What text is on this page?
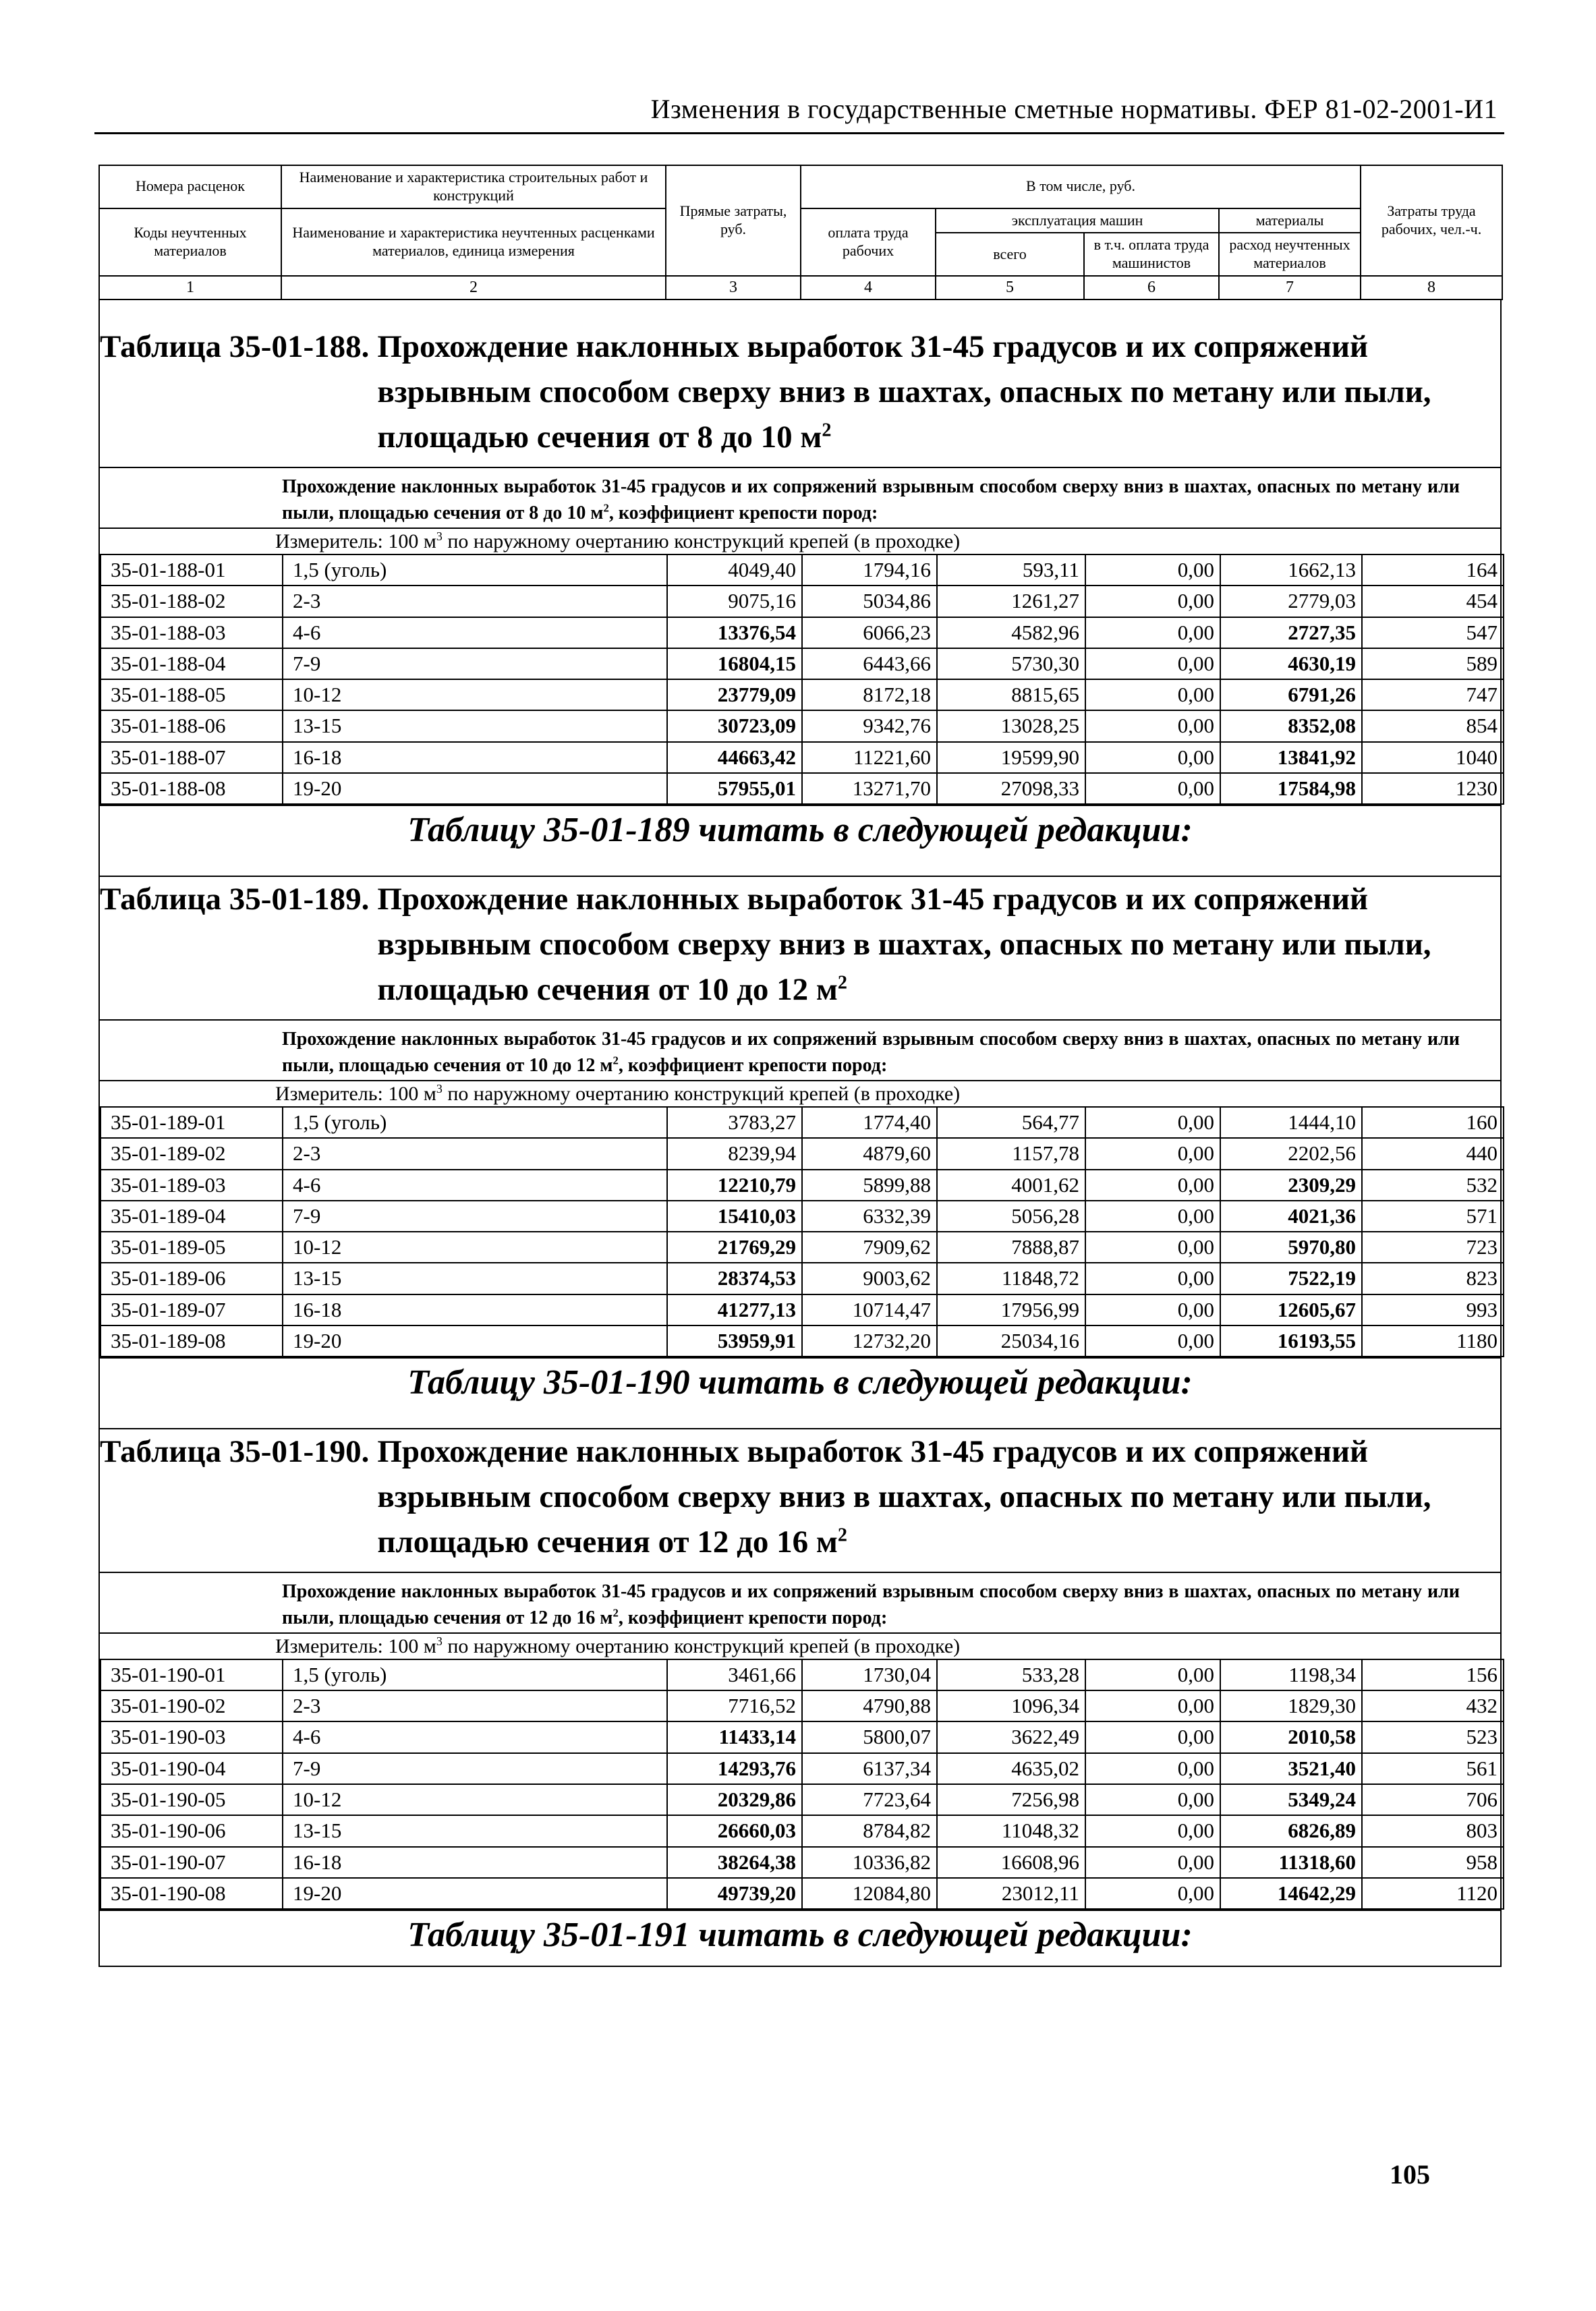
Изменения в государственные сметные нормативы. ФЕР 81-02-2001-И1
Номера расценок	Наименование и характеристика строительных работ и конструкций	Прямые затраты, руб.	В том числе, руб.				Затраты труда рабочих, чел.-ч.
Коды неучтенных материалов	Наименование и характеристика неучтенных расценками материалов, единица измерения		оплата труда рабочих	эксплуатация машин		материалы	
				всего	в т.ч. оплата труда машинистов	расход неучтенных материалов	
1	2	3	4	5	6	7	8
Таблица 35-01-188. Прохождение наклонных выработок 31-45 градусов и их сопряжений взрывным способом сверху вниз в шахтах, опасных по метану или пыли, площадью сечения от 8 до 10 $м^2$
Прохождение наклонных выработок 31-45 градусов и их сопряжений взрывным способом сверху вниз в шахтах, опасных по метану или пыли, площадью сечения от 8 до 10 $м^2$, коэффициент крепости пород:
Измеритель: 100 $м^3$ по наружному очертанию конструкций крепей (в проходке)
35-01-188-01	1,5 (уголь)	4049,40	1794,16	593,11	0,00	1662,13	164
35-01-188-02	2-3	9075,16	5034,86	1261,27	0,00	2779,03	454
35-01-188-03	4-6	13376,54	6066,23	4582,96	0,00	2727,35	547
35-01-188-04	7-9	16804,15	6443,66	5730,30	0,00	4630,19	589
35-01-188-05	10-12	23779,09	8172,18	8815,65	0,00	6791,26	747
35-01-188-06	13-15	30723,09	9342,76	13028,25	0,00	8352,08	854
35-01-188-07	16-18	44663,42	11221,60	19599,90	0,00	13841,92	1040
35-01-188-08	19-20	57955,01	13271,70	27098,33	0,00	17584,98	1230
Таблицу 35-01-189 читать в следующей редакции:
Таблица 35-01-189. Прохождение наклонных выработок 31-45 градусов и их сопряжений взрывным способом сверху вниз в шахтах, опасных по метану или пыли, площадью сечения от 10 до 12 $м^2$
Прохождение наклонных выработок 31-45 градусов и их сопряжений взрывным способом сверху вниз в шахтах, опасных по метану или пыли, площадью сечения от 10 до 12 $м^2$, коэффициент крепости пород:
Измеритель: 100 $м^3$ по наружному очертанию конструкций крепей (в проходке)
35-01-189-01	1,5 (уголь)	3783,27	1774,40	564,77	0,00	1444,10	160
35-01-189-02	2-3	8239,94	4879,60	1157,78	0,00	2202,56	440
35-01-189-03	4-6	12210,79	5899,88	4001,62	0,00	2309,29	532
35-01-189-04	7-9	15410,03	6332,39	5056,28	0,00	4021,36	571
35-01-189-05	10-12	21769,29	7909,62	7888,87	0,00	5970,80	723
35-01-189-06	13-15	28374,53	9003,62	11848,72	0,00	7522,19	823
35-01-189-07	16-18	41277,13	10714,47	17956,99	0,00	12605,67	993
35-01-189-08	19-20	53959,91	12732,20	25034,16	0,00	16193,55	1180
Таблицу 35-01-190 читать в следующей редакции:
Таблица 35-01-190. Прохождение наклонных выработок 31-45 градусов и их сопряжений взрывным способом сверху вниз в шахтах, опасных по метану или пыли, площадью сечения от 12 до 16 $м^2$
Прохождение наклонных выработок 31-45 градусов и их сопряжений взрывным способом сверху вниз в шахтах, опасных по метану или пыли, площадью сечения от 12 до 16 $м^2$, коэффициент крепости пород:
Измеритель: 100 $м^3$ по наружному очертанию конструкций крепей (в проходке)
35-01-190-01	1,5 (уголь)	3461,66	1730,04	533,28	0,00	1198,34	156
35-01-190-02	2-3	7716,52	4790,88	1096,34	0,00	1829,30	432
35-01-190-03	4-6	11433,14	5800,07	3622,49	0,00	2010,58	523
35-01-190-04	7-9	14293,76	6137,34	4635,02	0,00	3521,40	561
35-01-190-05	10-12	20329,86	7723,64	7256,98	0,00	5349,24	706
35-01-190-06	13-15	26660,03	8784,82	11048,32	0,00	6826,89	803
35-01-190-07	16-18	38264,38	10336,82	16608,96	0,00	11318,60	958
35-01-190-08	19-20	49739,20	12084,80	23012,11	0,00	14642,29	1120
Таблицу 35-01-191 читать в следующей редакции:
105
